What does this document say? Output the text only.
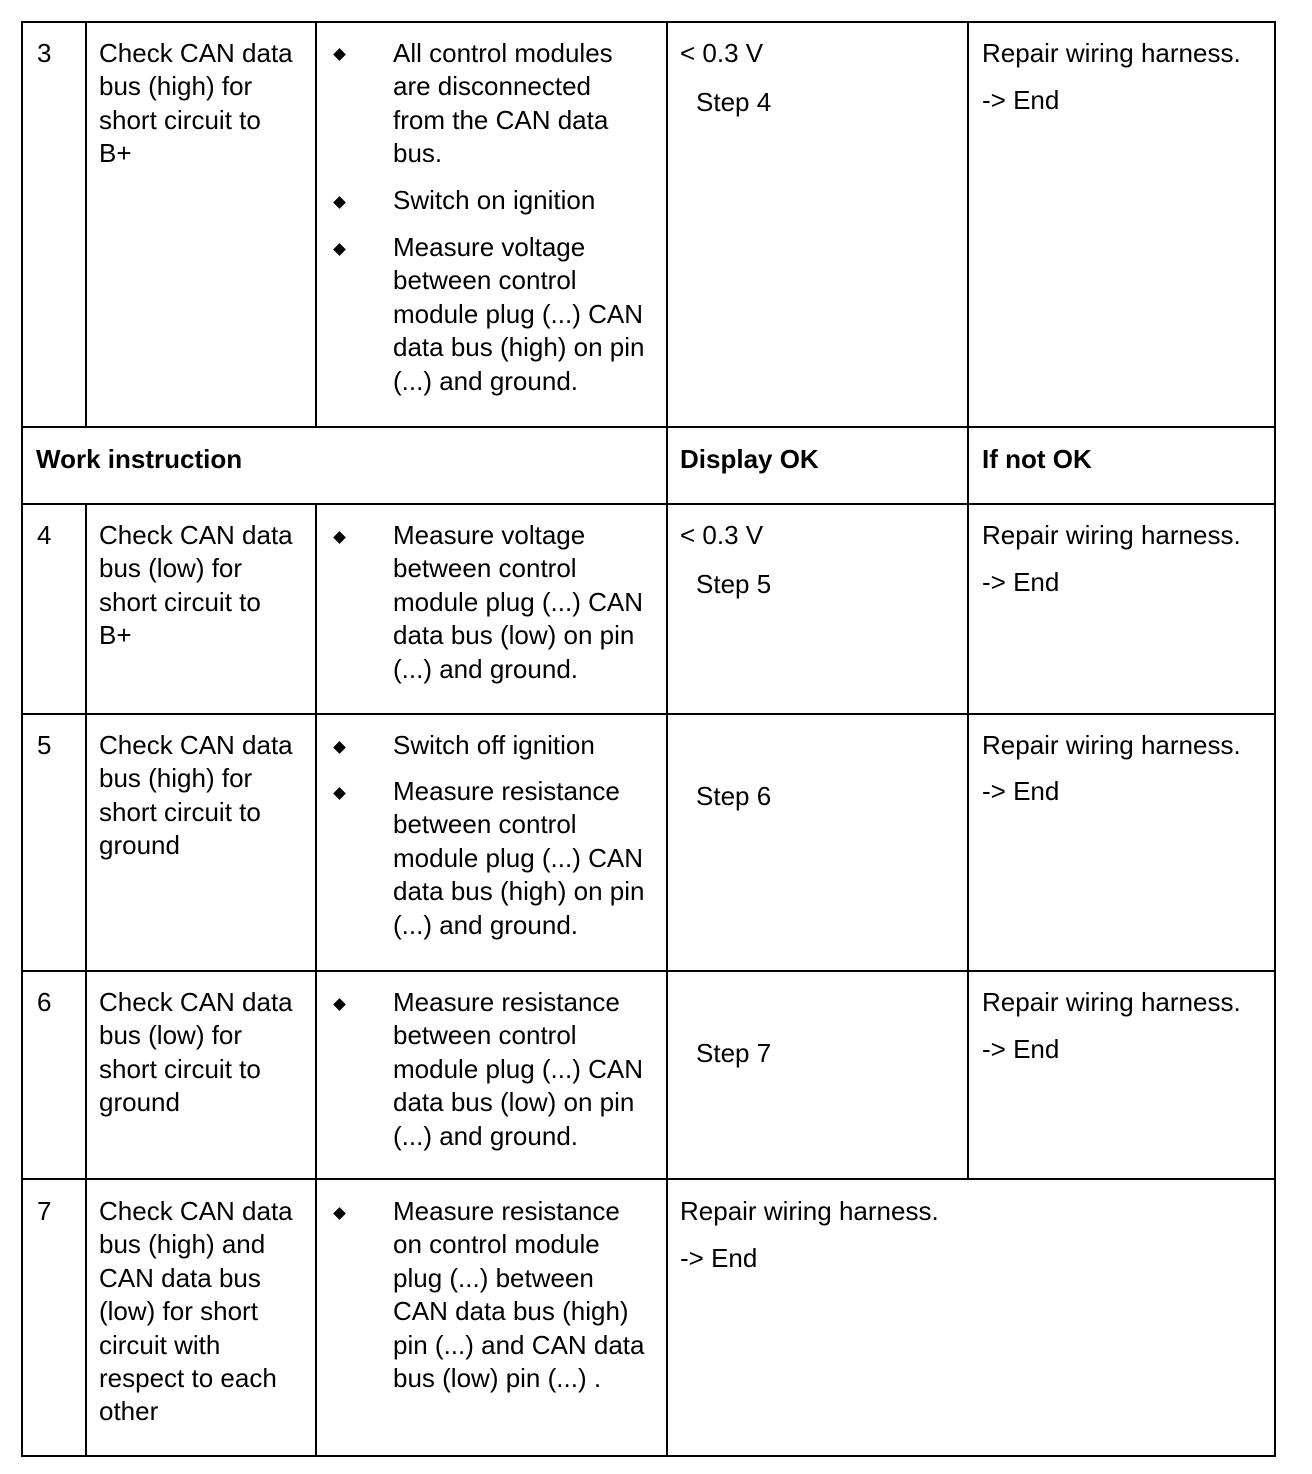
3 Check CAN data
bus (high) for
short circuit to
B+
All control modules
are disconnected
from the CAN data
bus.
Switch on ignition
Measure voltage
between control
module plug (...) CAN
data bus (high) on pin
(...) and ground.
< 0.3 V
Step 4
Repair wiring harness.
-> End
Work instruction	Display OK	If not OK
4 Check CAN data
bus (low) for
short circuit to
B+
Measure voltage
between control
module plug (...) CAN
data bus (low) on pin
(...) and ground.
< 0.3 V
Step 5
Repair wiring harness.
-> End
5 Check CAN data
bus (high) for
short circuit to
ground
Switch off ignition
Measure resistance
between control
module plug (...) CAN
data bus (high) on pin
(...) and ground.
Step 6
Repair wiring harness.
-> End
6 Check CAN data
bus (low) for
short circuit to
ground
Measure resistance
between control
module plug (...) CAN
data bus (low) on pin
(...) and ground.
Step 7
Repair wiring harness.
-> End
7 Check CAN data
bus (high) and
CAN data bus
(low) for short
circuit with
respect to each
other
Measure resistance
on control module
plug (...) between
CAN data bus (high)
pin (...) and CAN data
bus (low) pin (...) .
Repair wiring harness.
-> End
